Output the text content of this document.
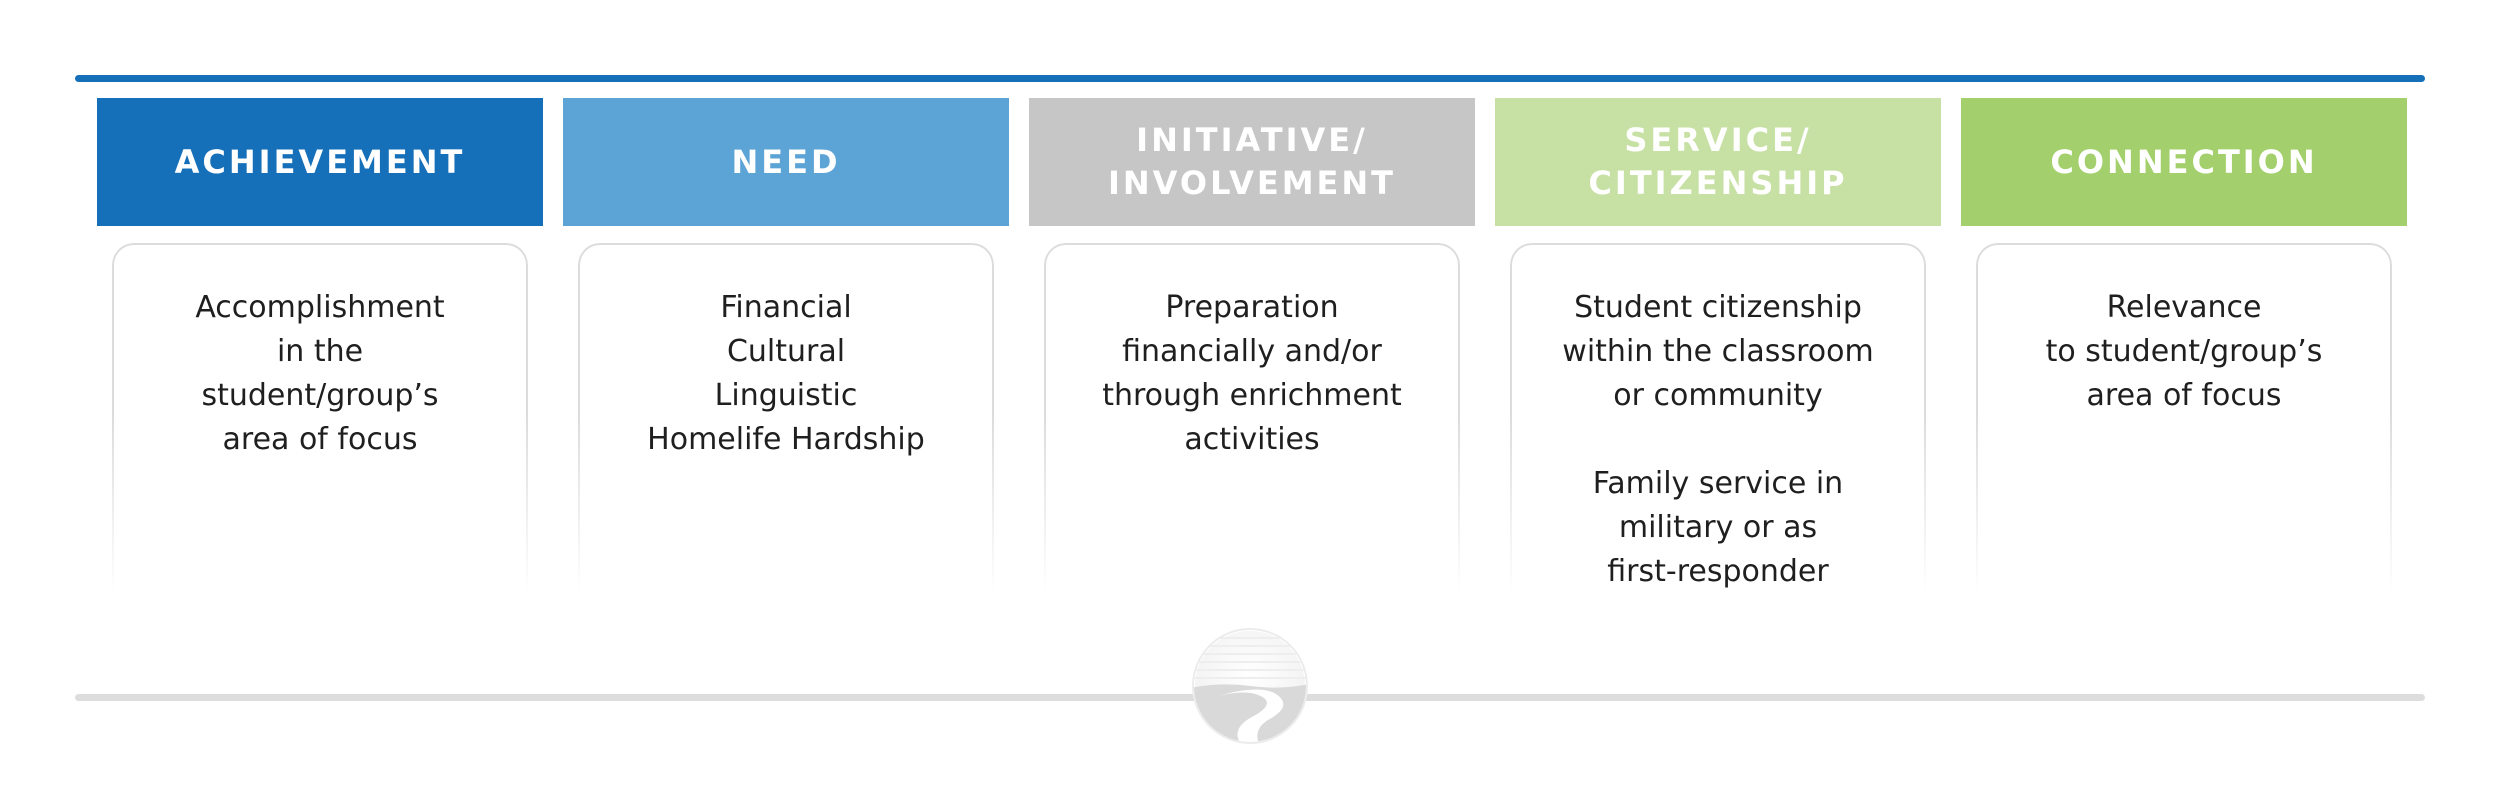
ACHIEVEMENT
Accomplishment
in the
student/group’s
area of focus
NEED
Financial
Cultural
Linguistic
Homelife Hardship
INITIATIVE/
INVOLVEMENT
Preparation
financially and/or
through enrichment
activities
SERVICE/
CITIZENSHIP
Student citizenship
within the classroom
or community
Family service in
military or as
first-responder
CONNECTION
Relevance
to student/group’s
area of focus
